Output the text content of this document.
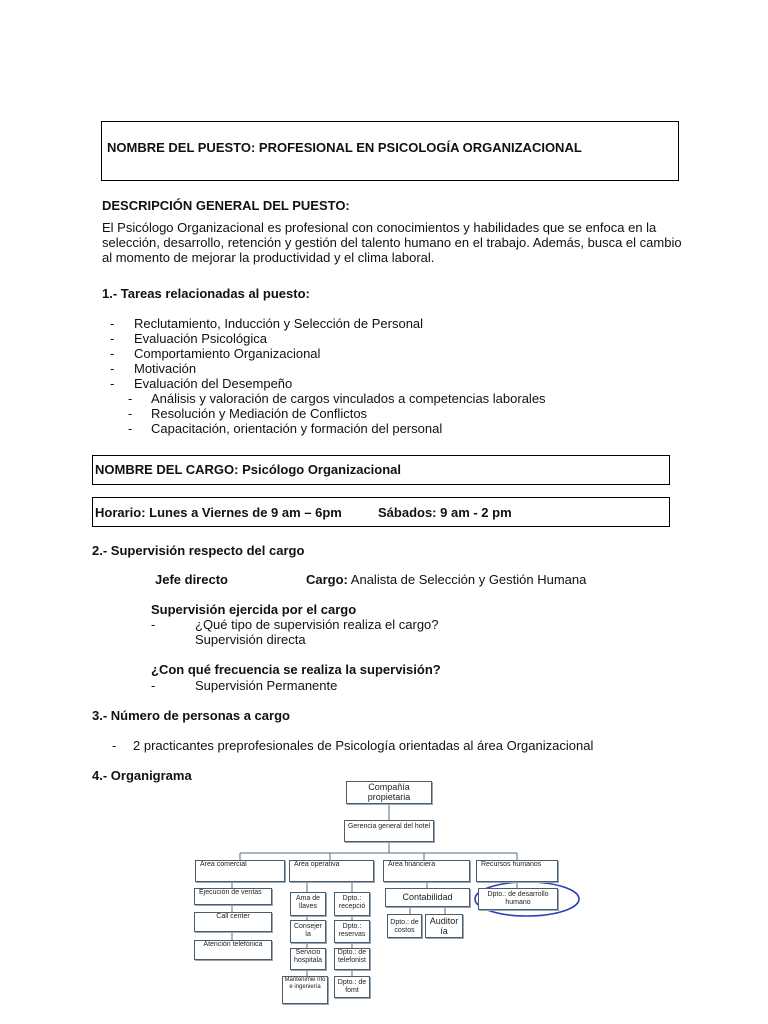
NOMBRE DEL PUESTO: PROFESIONAL EN PSICOLOGÍA ORGANIZACIONAL
DESCRIPCIÓN GENERAL DEL PUESTO:
El Psicólogo Organizacional es profesional con conocimientos y habilidades que se enfoca en la selección, desarrollo, retención y gestión del talento humano en el trabajo. Además, busca el cambio al momento de mejorar la productividad y el clima laboral.
1.- Tareas relacionadas al puesto:
- Reclutamiento, Inducción y Selección de Personal
- Evaluación Psicológica
- Comportamiento Organizacional
- Motivación
- Evaluación del Desempeño
- Análisis y valoración de cargos vinculados a competencias laborales
- Resolución y Mediación de Conflictos
- Capacitación, orientación y formación del personal
NOMBRE DEL CARGO: Psicólogo Organizacional
Horario: Lunes a Viernes de 9 am – 6pm	Sábados: 9 am - 2 pm
2.- Supervisión respecto del cargo
Jefe directo	Cargo: Analista de Selección y Gestión Humana
Supervisión ejercida por el cargo
-	¿Qué tipo de supervisión realiza el cargo?
Supervisión directa
¿Con qué frecuencia se realiza la supervisión?
-	Supervisión Permanente
3.- Número de personas a cargo
- 2 practicantes preprofesionales de Psicología orientadas al área Organizacional
4.- Organigrama
Compañía propietaria
Gerencia general del hotel
Área comercial	Área operativa	Área financiera	Recursos humanos
Ejecución de ventas
Call center
Atención telefónica
Ama de llaves
Consejer ía
Servicio hospitala
Mantenimie nto e ingeniería
Dpto.: recepció
Dpto.: reservas
Dpto.: de telefonist
Dpto.: de fomt
Contabilidad
Dpto.: de costos
Auditor ía
Dpto.: de desarrollo humano
